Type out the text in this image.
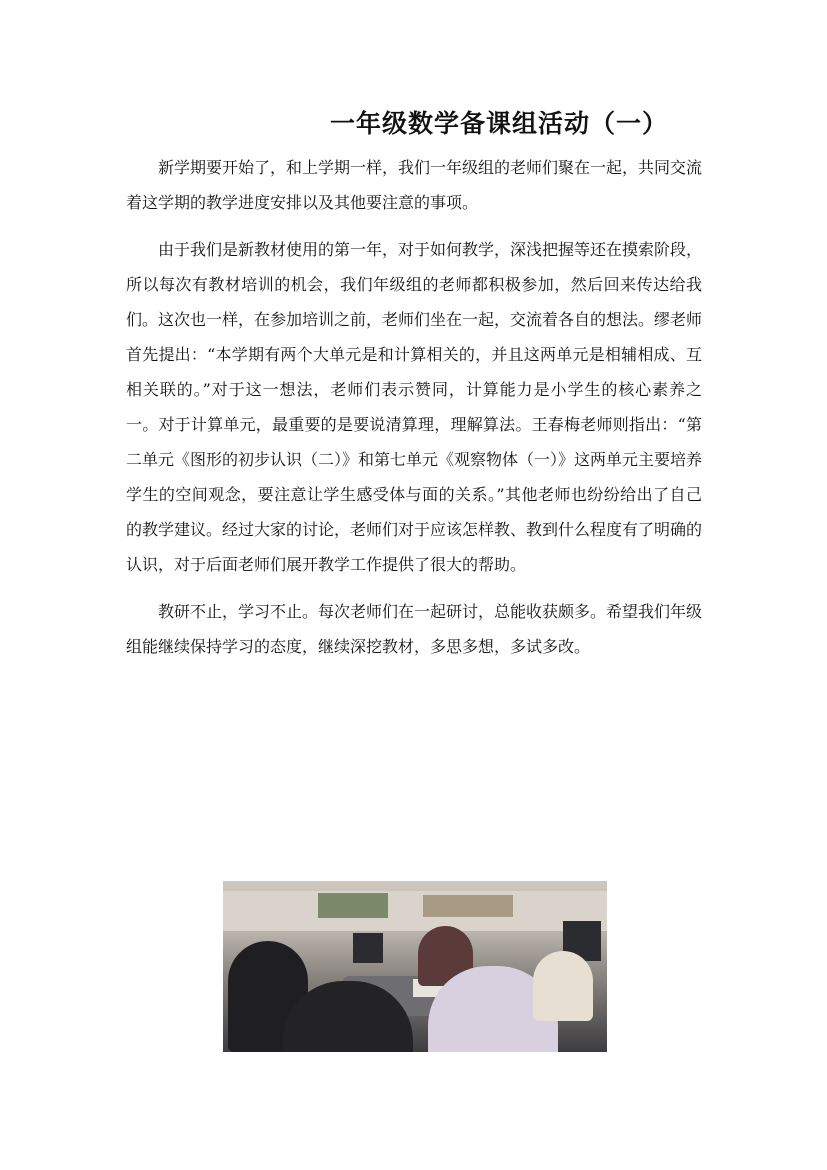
一年级数学备课组活动（一）

新学期要开始了，和上学期一样，我们一年级组的老师们聚在一起，共同交流着这学期的教学进度安排以及其他要注意的事项。

由于我们是新教材使用的第一年，对于如何教学，深浅把握等还在摸索阶段，所以每次有教材培训的机会，我们年级组的老师都积极参加，然后回来传达给我们。这次也一样，在参加培训之前，老师们坐在一起，交流着各自的想法。缪老师首先提出：“本学期有两个大单元是和计算相关的，并且这两单元是相辅相成、互相关联的。”对于这一想法，老师们表示赞同，计算能力是小学生的核心素养之一。对于计算单元，最重要的是要说清算理，理解算法。王春梅老师则指出：“第二单元《图形的初步认识（二）》和第七单元《观察物体（一）》这两单元主要培养学生的空间观念，要注意让学生感受体与面的关系。”其他老师也纷纷给出了自己的教学建议。经过大家的讨论，老师们对于应该怎样教、教到什么程度有了明确的认识，对于后面老师们展开教学工作提供了很大的帮助。

教研不止，学习不止。每次老师们在一起研讨，总能收获颇多。希望我们年级组能继续保持学习的态度，继续深挖教材，多思多想，多试多改。
